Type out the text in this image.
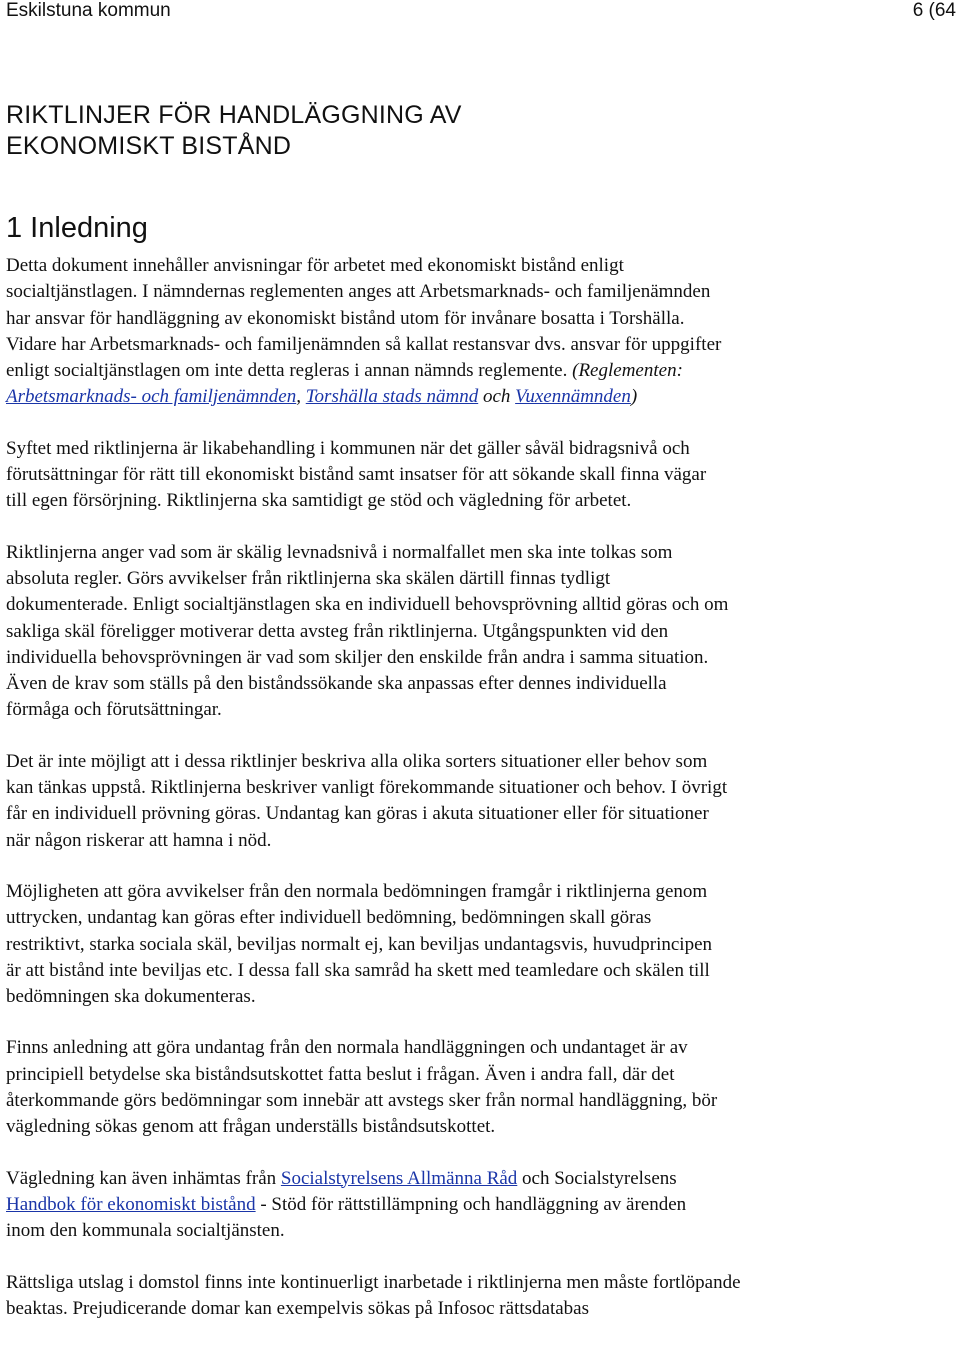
Eskilstuna kommun	6 (64
RIKTLINJER FÖR HANDLÄGGNING AV
EKONOMISKT BISTÅND
1 Inledning

Detta dokument innehåller anvisningar för arbetet med ekonomiskt bistånd enligt
socialtjänstlagen. I nämndernas reglementen anges att Arbetsmarknads- och familjenämnden
har ansvar för handläggning av ekonomiskt bistånd utom för invånare bosatta i Torshälla.
Vidare har Arbetsmarknads- och familjenämnden så kallat restansvar dvs. ansvar för uppgifter
enligt socialtjänstlagen om inte detta regleras i annan nämnds reglemente. (Reglementen:
Arbetsmarknads- och familjenämnden, Torshälla stads nämnd och Vuxennämnden)

Syftet med riktlinjerna är likabehandling i kommunen när det gäller såväl bidragsnivå och
förutsättningar för rätt till ekonomiskt bistånd samt insatser för att sökande skall finna vägar
till egen försörjning. Riktlinjerna ska samtidigt ge stöd och vägledning för arbetet.

Riktlinjerna anger vad som är skälig levnadsnivå i normalfallet men ska inte tolkas som
absoluta regler. Görs avvikelser från riktlinjerna ska skälen därtill finnas tydligt
dokumenterade. Enligt socialtjänstlagen ska en individuell behovsprövning alltid göras och om
sakliga skäl föreligger motiverar detta avsteg från riktlinjerna. Utgångspunkten vid den
individuella behovsprövningen är vad som skiljer den enskilde från andra i samma situation.
Även de krav som ställs på den biståndssökande ska anpassas efter dennes individuella
förmåga och förutsättningar.

Det är inte möjligt att i dessa riktlinjer beskriva alla olika sorters situationer eller behov som
kan tänkas uppstå. Riktlinjerna beskriver vanligt förekommande situationer och behov. I övrigt
får en individuell prövning göras. Undantag kan göras i akuta situationer eller för situationer
när någon riskerar att hamna i nöd.

Möjligheten att göra avvikelser från den normala bedömningen framgår i riktlinjerna genom
uttrycken, undantag kan göras efter individuell bedömning, bedömningen skall göras
restriktivt, starka sociala skäl, beviljas normalt ej, kan beviljas undantagsvis, huvudprincipen
är att bistånd inte beviljas etc. I dessa fall ska samråd ha skett med teamledare och skälen till
bedömningen ska dokumenteras.

Finns anledning att göra undantag från den normala handläggningen och undantaget är av
principiell betydelse ska biståndsutskottet fatta beslut i frågan. Även i andra fall, där det
återkommande görs bedömningar som innebär att avstegs sker från normal handläggning, bör
vägledning sökas genom att frågan underställs biståndsutskottet.

Vägledning kan även inhämtas från Socialstyrelsens Allmänna Råd och Socialstyrelsens
Handbok för ekonomiskt bistånd - Stöd för rättstillämpning och handläggning av ärenden
inom den kommunala socialtjänsten.

Rättsliga utslag i domstol finns inte kontinuerligt inarbetade i riktlinjerna men måste fortlöpande
beaktas. Prejudicerande domar kan exempelvis sökas på Infosoc rättsdatabas
